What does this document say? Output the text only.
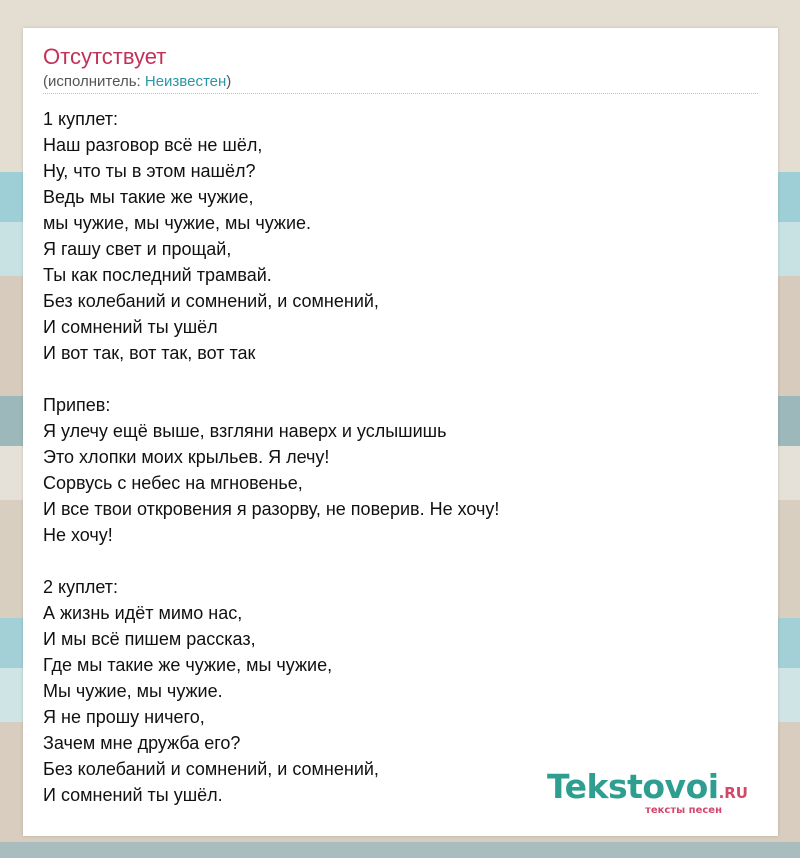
Отсутствует
(исполнитель: Неизвестен)
1 куплет:
Наш разговор всё не шёл,
Ну, что ты в этом нашёл?
Ведь мы такие же чужие,
мы чужие, мы чужие, мы чужие.
Я гашу свет и прощай,
Ты как последний трамвай.
Без колебаний и сомнений, и сомнений,
И сомнений ты ушёл
И вот так, вот так, вот так
Припев:
Я улечу ещё выше, взгляни наверх и услышишь
Это хлопки моих крыльев. Я лечу!
Сорвусь с небес на мгновенье,
И все твои откровения я разорву, не поверив. Не хочу!
Не хочу!
2 куплет:
А жизнь идёт мимо нас,
И мы всё пишем рассказ,
Где мы такие же чужие, мы чужие,
Мы чужие, мы чужие.
Я не прошу ничего,
Зачем мне дружба его?
Без колебаний и сомнений, и сомнений,
И сомнений ты ушёл.	Tekstovoi.RU
тексты песен
